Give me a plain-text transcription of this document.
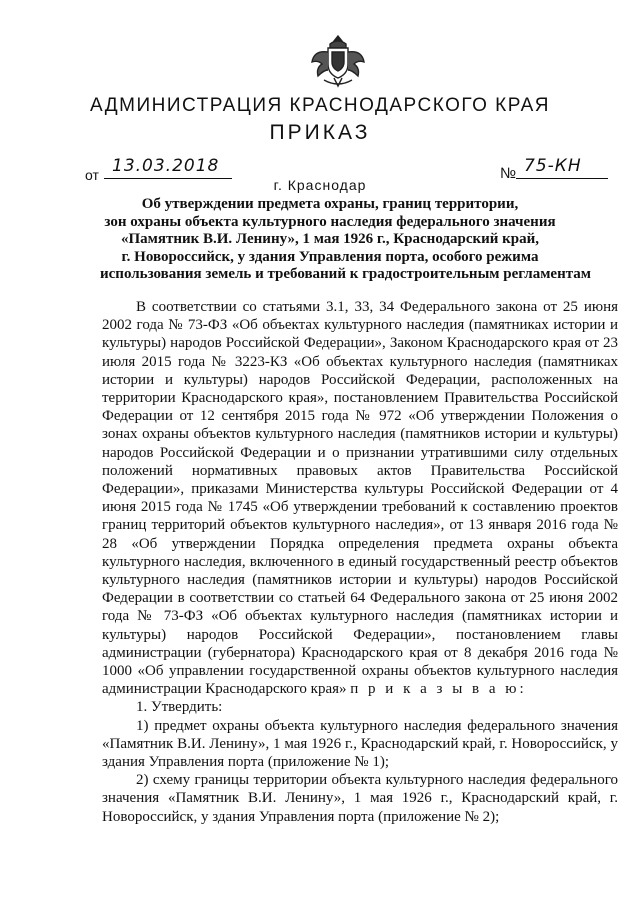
АДМИНИСТРАЦИЯ КРАСНОДАРСКОГО КРАЯ
ПРИКАЗ
от 13.03.2018	№ 75-КН
г. Краснодар
Об утверждении предмета охраны, границ территории,
зон охраны объекта культурного наследия федерального значения
«Памятник В.И. Ленину», 1 мая 1926 г., Краснодарский край,
г. Новороссийск, у здания Управления порта, особого режима
использования земель и требований к градостроительным регламентам

В соответствии со статьями 3.1, 33, 34 Федерального закона от 25 июня 2002 года № 73-ФЗ «Об объектах культурного наследия (памятниках истории и культуры) народов Российской Федерации», Законом Краснодарского края от 23 июля 2015 года № 3223-КЗ «Об объектах культурного наследия (памятниках истории и культуры) народов Российской Федерации, расположенных на территории Краснодарского края», постановлением Правительства Российской Федерации от 12 сентября 2015 года № 972 «Об утверждении Положения о зонах охраны объектов культурного наследия (памятников истории и культуры) народов Российской Федерации и о признании утратившими силу отдельных положений нормативных правовых актов Правительства Российской Федерации», приказами Министерства культуры Российской Федерации от 4 июня 2015 года № 1745 «Об утверждении требований к составлению проектов границ территорий объектов культурного наследия», от 13 января 2016 года № 28 «Об утверждении Порядка определения предмета охраны объекта культурного наследия, включенного в единый государственный реестр объектов культурного наследия (памятников истории и культуры) народов Российской Федерации в соответствии со статьей 64 Федерального закона от 25 июня 2002 года № 73-ФЗ «Об объектах культурного наследия (памятниках истории и культуры) народов Российской Федерации», постановлением главы администрации (губернатора) Краснодарского края от 8 декабря 2016 года № 1000 «Об управлении государственной охраны объектов культурного наследия администрации Краснодарского края» п р и к а з ы в а ю:

1. Утвердить:

1) предмет охраны объекта культурного наследия федерального значения «Памятник В.И. Ленину», 1 мая 1926 г., Краснодарский край, г. Новороссийск, у здания Управления порта (приложение № 1);

2) схему границы территории объекта культурного наследия федерального значения «Памятник В.И. Ленину», 1 мая 1926 г., Краснодарский край, г. Новороссийск, у здания Управления порта (приложение № 2);
